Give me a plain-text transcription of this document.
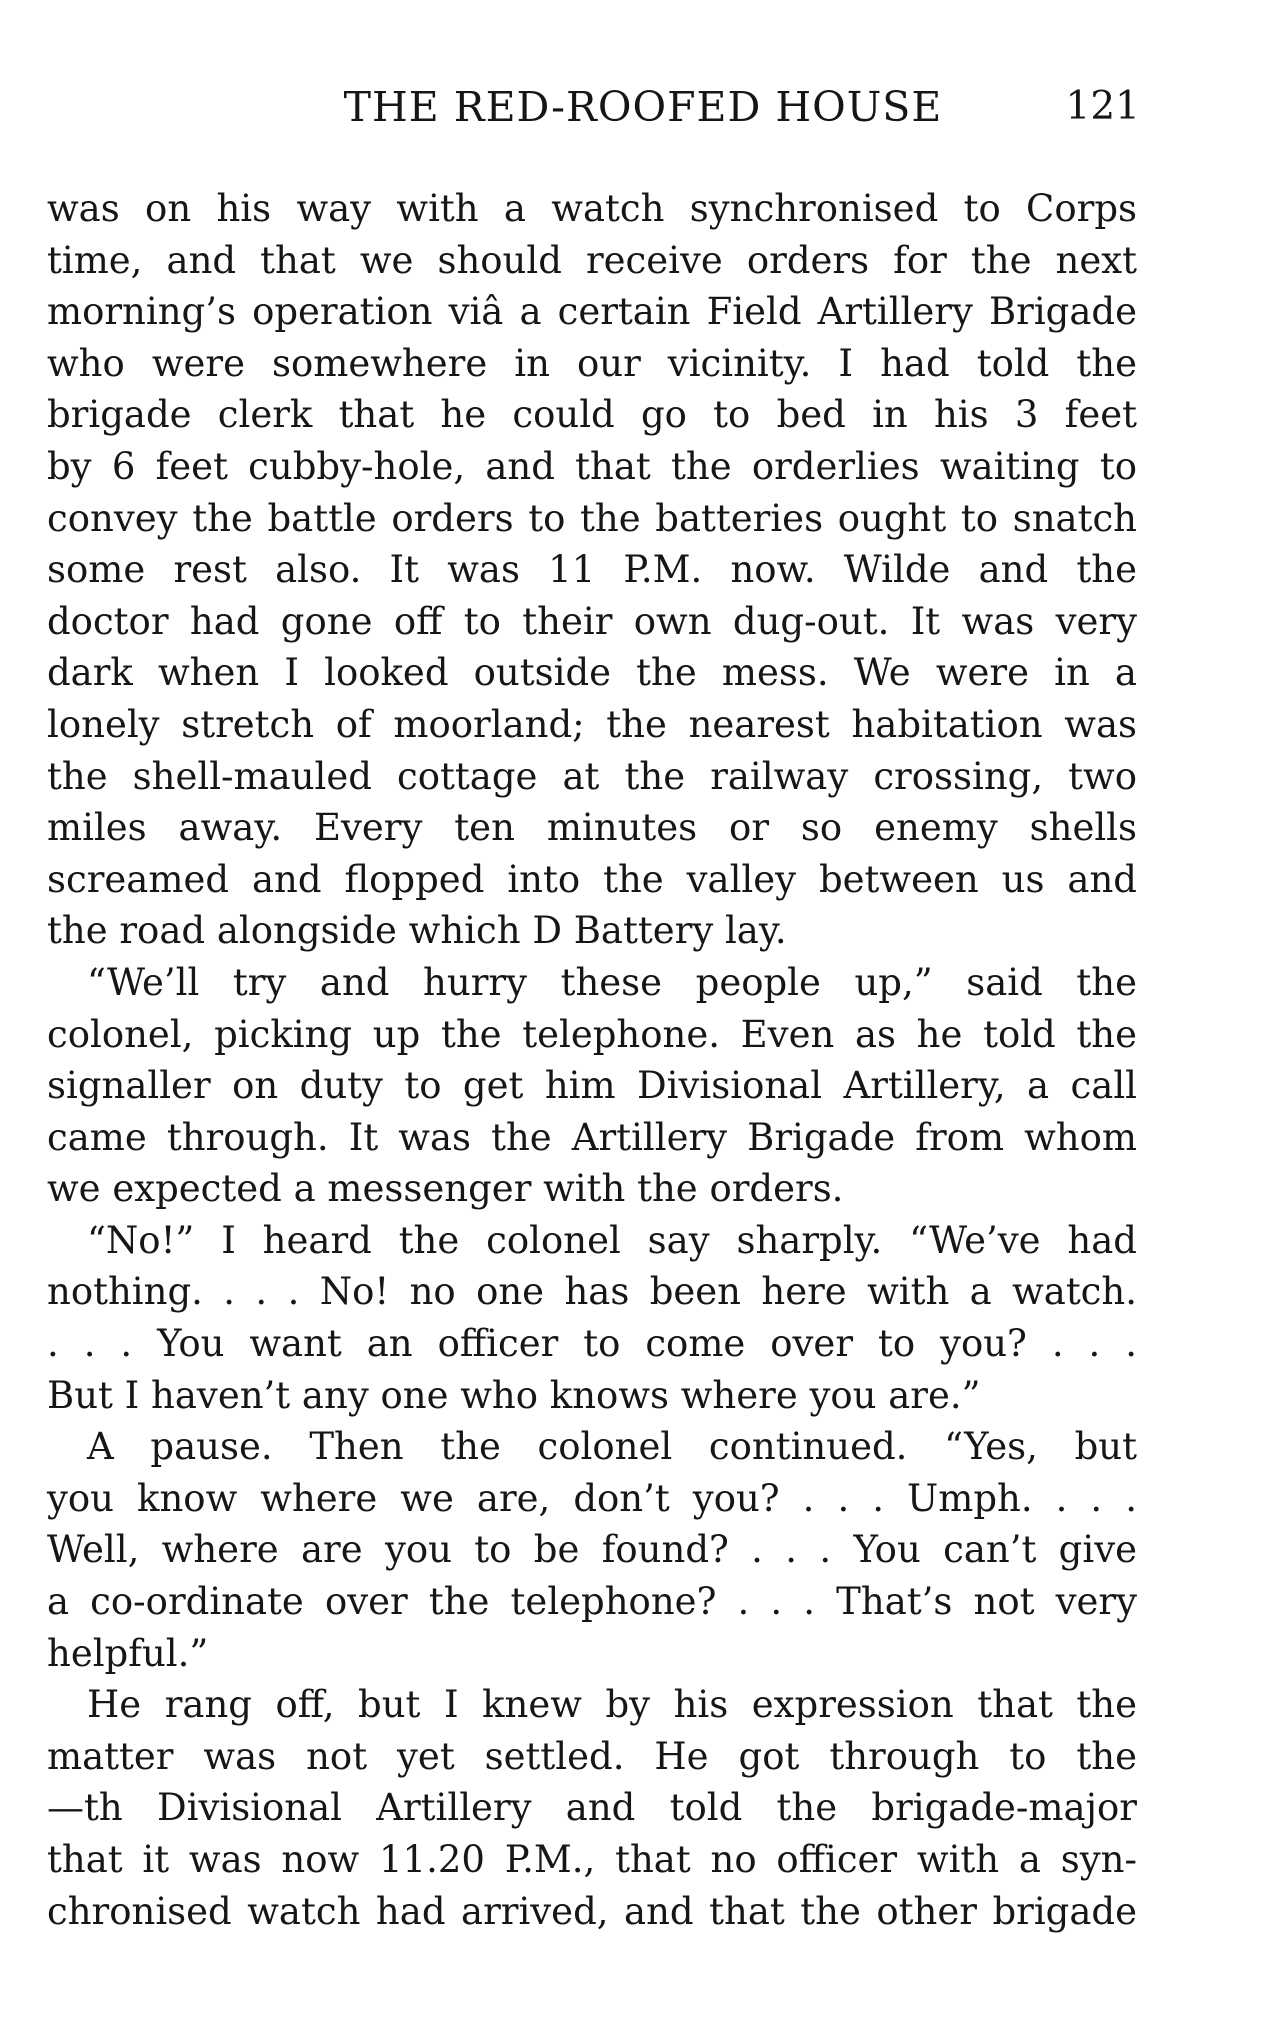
THE RED-ROOFED HOUSE	121
was on his way with a watch synchronised to Corps
time, and that we should receive orders for the next
morning’s operation viâ a certain Field Artillery Brigade
who were somewhere in our vicinity. I had told the
brigade clerk that he could go to bed in his 3 feet
by 6 feet cubby-hole, and that the orderlies waiting to
convey the battle orders to the batteries ought to snatch
some rest also. It was 11 P.M. now. Wilde and the
doctor had gone off to their own dug-out. It was very
dark when I looked outside the mess. We were in a
lonely stretch of moorland; the nearest habitation was
the shell-mauled cottage at the railway crossing, two
miles away. Every ten minutes or so enemy shells
screamed and flopped into the valley between us and
the road alongside which D Battery lay.
“We’ll try and hurry these people up,” said the
colonel, picking up the telephone. Even as he told the
signaller on duty to get him Divisional Artillery, a call
came through. It was the Artillery Brigade from whom
we expected a messenger with the orders.
“No!” I heard the colonel say sharply. “We’ve had
nothing. . . . No! no one has been here with a watch.
. . . You want an officer to come over to you? . . .
But I haven’t any one who knows where you are.”
A pause. Then the colonel continued. “Yes, but
you know where we are, don’t you? . . . Umph. . . .
Well, where are you to be found? . . . You can’t give
a co-ordinate over the telephone? . . . That’s not very
helpful.”
He rang off, but I knew by his expression that the
matter was not yet settled. He got through to the
—th Divisional Artillery and told the brigade-major
that it was now 11.20 P.M., that no officer with a syn-
chronised watch had arrived, and that the other brigade
